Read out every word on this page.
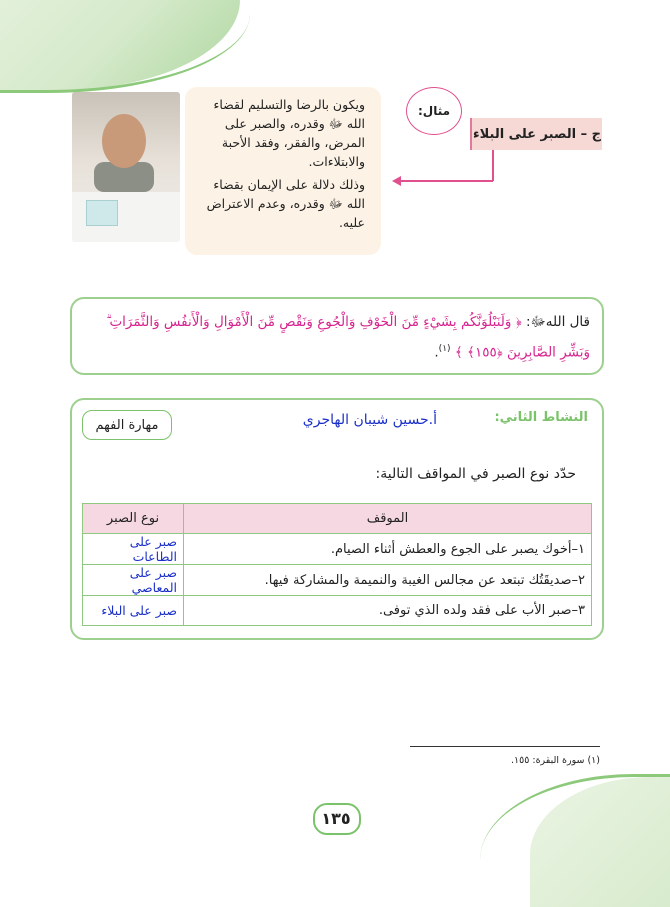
ويكون بالرضا والتسليم لقضاء الله ﷻ وقدره، والصبر على المرض، والفقر، وفقد الأحبة والابتلاءات.

وذلك دلالة على الإيمان بقضاء الله ﷻ وقدره، وعدم الاعتراض عليه.

مثال:
ج – الصبر على البلاء
قال اللهﷻ: ﴿ وَلَنَبْلُوَنَّكُم بِشَيْءٍ مِّنَ الْخَوْفِ وَالْجُوعِ وَنَقْصٍ مِّنَ الْأَمْوَالِ وَالْأَنفُسِ وَالثَّمَرَاتِ ۗ وَبَشِّرِ الصَّابِرِينَ ﴿١٥٥﴾ ﴾ $^{(١)}$.
النشاط الثاني:
أ.حسين شيبان الهاجري
مهارة الفهم
حدّد نوع الصبر في المواقف التالية:
الموقف	نوع الصبر
١–أخوك يصبر على الجوع والعطش أثناء الصيام.	صبر على الطاعات
٢–صديقَتُك تبتعد عن مجالس الغيبة والنميمة والمشاركة فيها.	صبر على المعاصي
٣–صبر الأب على فقد ولده الذي توفى.	صبر على البلاء
(١) سورة البقرة: ١٥٥.
١٣٥
